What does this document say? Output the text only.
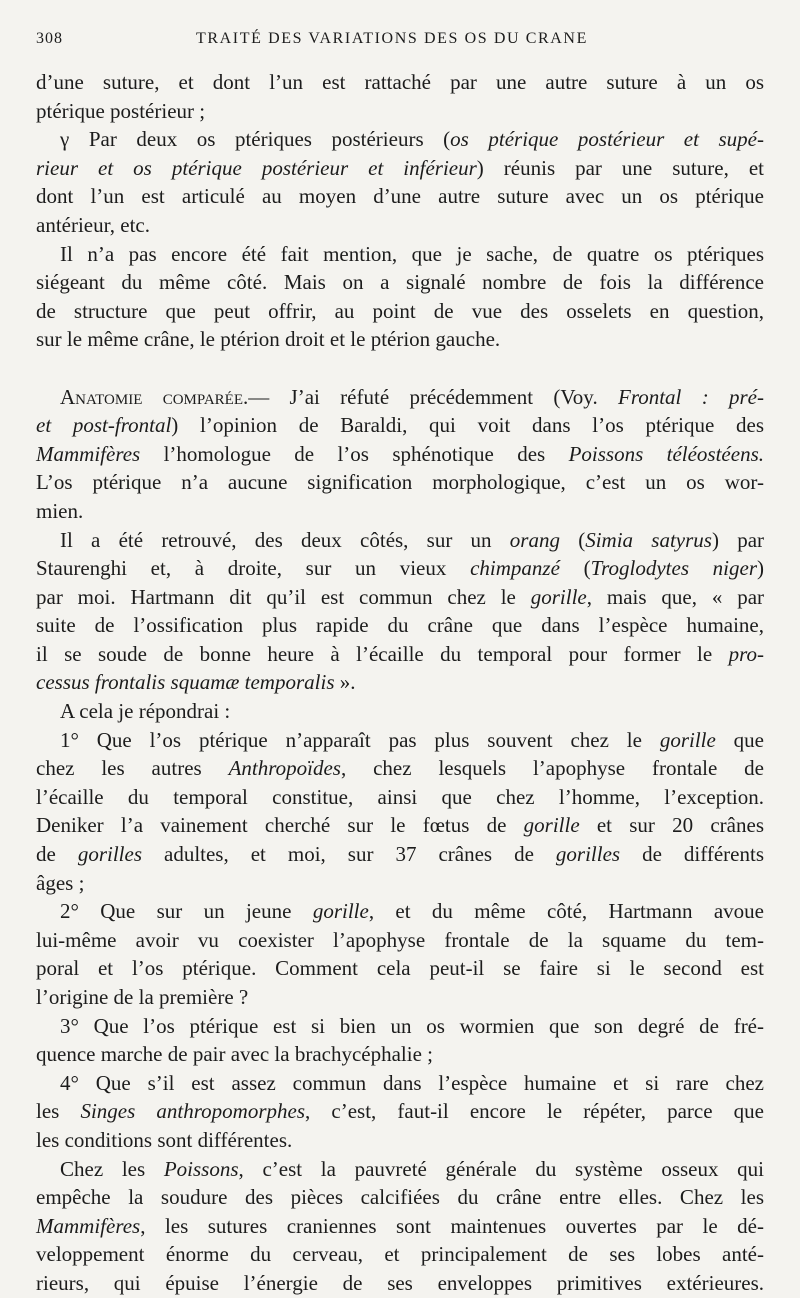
308	TRAITÉ DES VARIATIONS DES OS DU CRANE
d’une suture, et dont l’un est rattaché par une autre suture à un os
ptérique postérieur ;
γ Par deux os ptériques postérieurs (os ptérique postérieur et supé-
rieur et os ptérique postérieur et inférieur) réunis par une suture, et
dont l’un est articulé au moyen d’une autre suture avec un os ptérique
antérieur, etc.
Il n’a pas encore été fait mention, que je sache, de quatre os ptériques
siégeant du même côté. Mais on a signalé nombre de fois la différence
de structure que peut offrir, au point de vue des osselets en question,
sur le même crâne, le ptérion droit et le ptérion gauche.
Anatomie comparée.— J’ai réfuté précédemment (Voy. Frontal : pré-
et post-frontal) l’opinion de Baraldi, qui voit dans l’os ptérique des
Mammifères l’homologue de l’os sphénotique des Poissons téléostéens.
L’os ptérique n’a aucune signification morphologique, c’est un os wor-
mien.
Il a été retrouvé, des deux côtés, sur un orang (Simia satyrus) par
Staurenghi et, à droite, sur un vieux chimpanzé (Troglodytes niger)
par moi. Hartmann dit qu’il est commun chez le gorille, mais que, « par
suite de l’ossification plus rapide du crâne que dans l’espèce humaine,
il se soude de bonne heure à l’écaille du temporal pour former le pro-
cessus frontalis squamæ temporalis ».
A cela je répondrai :
1° Que l’os ptérique n’apparaît pas plus souvent chez le gorille que
chez les autres Anthropoïdes, chez lesquels l’apophyse frontale de
l’écaille du temporal constitue, ainsi que chez l’homme, l’exception.
Deniker l’a vainement cherché sur le fœtus de gorille et sur 20 crânes
de gorilles adultes, et moi, sur 37 crânes de gorilles de différents
âges ;
2° Que sur un jeune gorille, et du même côté, Hartmann avoue
lui-même avoir vu coexister l’apophyse frontale de la squame du tem-
poral et l’os ptérique. Comment cela peut-il se faire si le second est
l’origine de la première ?
3° Que l’os ptérique est si bien un os wormien que son degré de fré-
quence marche de pair avec la brachycéphalie ;
4° Que s’il est assez commun dans l’espèce humaine et si rare chez
les Singes anthropomorphes, c’est, faut-il encore le répéter, parce que
les conditions sont différentes.
Chez les Poissons, c’est la pauvreté générale du système osseux qui
empêche la soudure des pièces calcifiées du crâne entre elles. Chez les
Mammifères, les sutures craniennes sont maintenues ouvertes par le dé-
veloppement énorme du cerveau, et principalement de ses lobes anté-
rieurs, qui épuise l’énergie de ses enveloppes primitives extérieures.
